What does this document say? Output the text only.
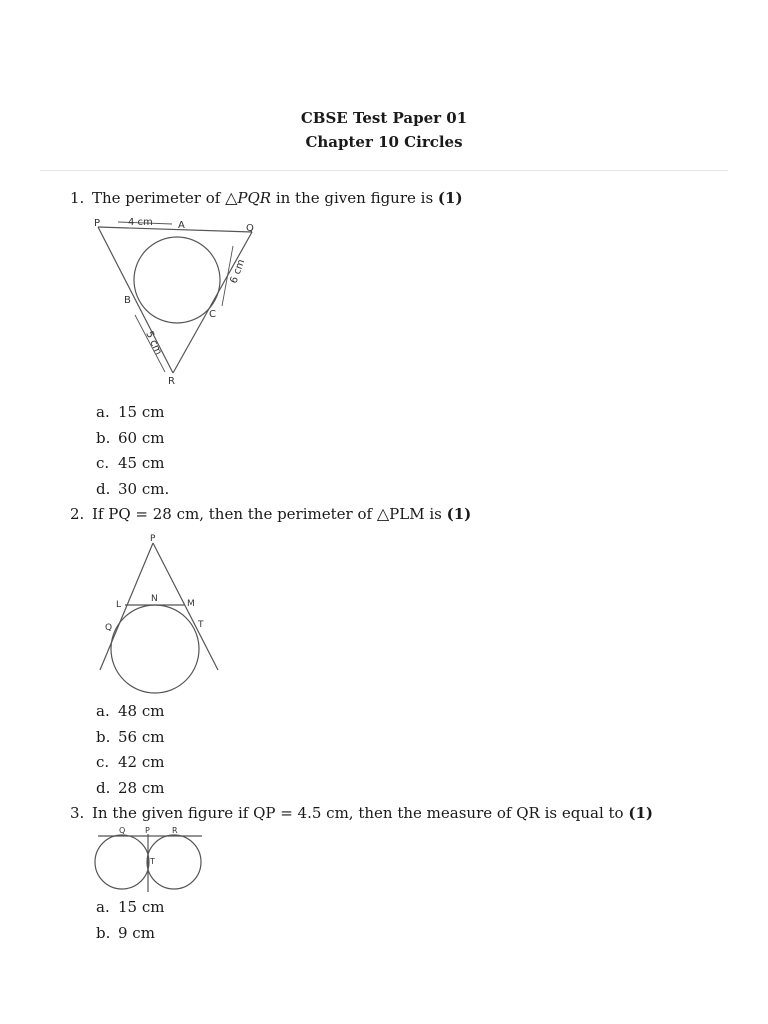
CBSE Test Paper 01
Chapter 10 Circles
1. The perimeter of △PQR in the given figure is (1)
P	4 cm	A	Q
B
C
R
6 cm
5 cm
a. 15 cm
b. 60 cm
c. 45 cm
d. 30 cm.
2. If PQ = 28 cm, then the perimeter of △PLM is (1)
P
L
N	M
Q	T
a. 48 cm
b. 56 cm
c. 42 cm
d. 28 cm
3. In the given figure if QP = 4.5 cm, then the measure of QR is equal to (1)
Q P	R
T
a. 15 cm
b. 9 cm
